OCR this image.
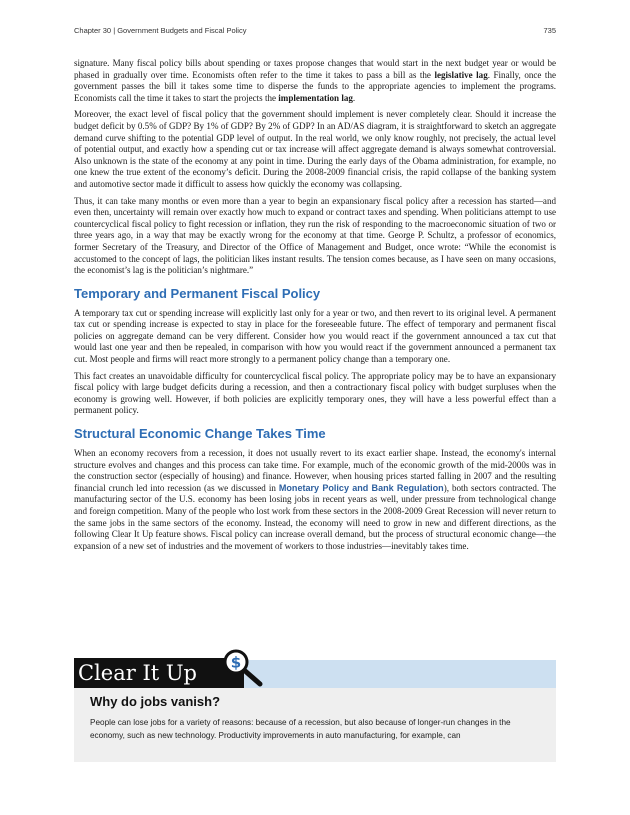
Chapter 30 | Government Budgets and Fiscal Policy	735

signature. Many fiscal policy bills about spending or taxes propose changes that would start in the next budget year or would be phased in gradually over time. Economists often refer to the time it takes to pass a bill as the legislative lag. Finally, once the government passes the bill it takes some time to disperse the funds to the appropriate agencies to implement the programs. Economists call the time it takes to start the projects the implementation lag.

Moreover, the exact level of fiscal policy that the government should implement is never completely clear. Should it increase the budget deficit by 0.5% of GDP? By 1% of GDP? By 2% of GDP? In an AD/AS diagram, it is straightforward to sketch an aggregate demand curve shifting to the potential GDP level of output. In the real world, we only know roughly, not precisely, the actual level of potential output, and exactly how a spending cut or tax increase will affect aggregate demand is always somewhat controversial. Also unknown is the state of the economy at any point in time. During the early days of the Obama administration, for example, no one knew the true extent of the economy’s deficit. During the 2008-2009 financial crisis, the rapid collapse of the banking system and automotive sector made it difficult to assess how quickly the economy was collapsing.

Thus, it can take many months or even more than a year to begin an expansionary fiscal policy after a recession has started—and even then, uncertainty will remain over exactly how much to expand or contract taxes and spending. When politicians attempt to use countercyclical fiscal policy to fight recession or inflation, they run the risk of responding to the macroeconomic situation of two or three years ago, in a way that may be exactly wrong for the economy at that time. George P. Schultz, a professor of economics, former Secretary of the Treasury, and Director of the Office of Management and Budget, once wrote: “While the economist is accustomed to the concept of lags, the politician likes instant results. The tension comes because, as I have seen on many occasions, the economist’s lag is the politician’s nightmare.”

Temporary and Permanent Fiscal Policy

A temporary tax cut or spending increase will explicitly last only for a year or two, and then revert to its original level. A permanent tax cut or spending increase is expected to stay in place for the foreseeable future. The effect of temporary and permanent fiscal policies on aggregate demand can be very different. Consider how you would react if the government announced a tax cut that would last one year and then be repealed, in comparison with how you would react if the government announced a permanent tax cut. Most people and firms will react more strongly to a permanent policy change than a temporary one.

This fact creates an unavoidable difficulty for countercyclical fiscal policy. The appropriate policy may be to have an expansionary fiscal policy with large budget deficits during a recession, and then a contractionary fiscal policy with budget surpluses when the economy is growing well. However, if both policies are explicitly temporary ones, they will have a less powerful effect than a permanent policy.

Structural Economic Change Takes Time

When an economy recovers from a recession, it does not usually revert to its exact earlier shape. Instead, the economy's internal structure evolves and changes and this process can take time. For example, much of the economic growth of the mid-2000s was in the construction sector (especially of housing) and finance. However, when housing prices started falling in 2007 and the resulting financial crunch led into recession (as we discussed in Monetary Policy and Bank Regulation), both sectors contracted. The manufacturing sector of the U.S. economy has been losing jobs in recent years as well, under pressure from technological change and foreign competition. Many of the people who lost work from these sectors in the 2008-2009 Great Recession will never return to the same jobs in the same sectors of the economy. Instead, the economy will need to grow in new and different directions, as the following Clear It Up feature shows. Fiscal policy can increase overall demand, but the process of structural economic change—the expansion of a new set of industries and the movement of workers to those industries—inevitably takes time.

Clear It Up $
Why do jobs vanish?

People can lose jobs for a variety of reasons: because of a recession, but also because of longer-run changes in the economy, such as new technology. Productivity improvements in auto manufacturing, for example, can
